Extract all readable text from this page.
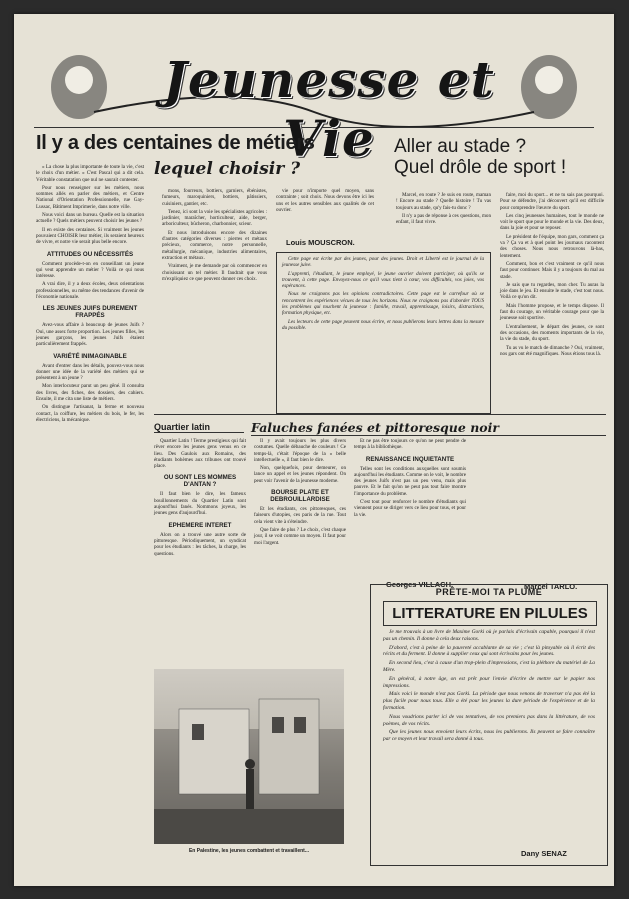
Jeunesse et Vie
Il y a des centaines de métiers
lequel choisir ?

« La chose la plus importante de toute la vie, c'est le choix d'un métier. » C'est Pascal qui a dit cela. Véritable constatation que nul ne saurait contester.

Pour nous renseigner sur les métiers, nous sommes allés en parler des métiers, et Centre National d'Orientation Professionnelle, rue Gay-Lussac, Bâtiment Imprimerie, dans notre ville.

Nous voici dans un bureau. Quelle est la situation actuelle ? Quels métiers peuvent choisir les jeunes ?

Il en existe des centaines. Si vraiment les jeunes pouvaient CHOISIR leur métier, ils seraient heureux de vivre, et notre vie serait plus belle encore.

ATTITUDES OU NÉCESSITÉS

Comment procède-t-on en conseillant un jeune qui veut apprendre un métier ? Voilà ce qui nous intéresse.

A vrai dire, il y a deux écoles, deux orientations professionnelles, ou même des tendances d'avenir de l'économie nationale.

LES JEUNES JUIFS DUREMENT FRAPPÉS

Avez-vous affaire à beaucoup de jeunes Juifs ? Oui, une assez forte proportion. Les jeunes filles, les jeunes garçons, les jeunes Juifs étaient particulièrement frappés.

VARIÉTÉ INIMAGINABLE

Avant d'entrer dans les détails, pouvez-vous nous donner une idée de la variété des métiers qui se présentent à un jeune ?

Mon interlocuteur parut un peu gêné. Il consulta des livres, des fiches, des dossiers, des cahiers. Ensuite, il me cita une liste de métiers.

On distingue l'artisanat, la ferme et nouveau contact, la coiffure, les métiers du bois, le fer, les électriciens, la mécanique.

mons, fourreurs, bottiers, garniers, ébénistes, fumeurs, maroquiniers, bottiers, pâtissiers, cuisiniers, gantier, etc.

Tenez, ici sont la voie les spécialistes agricoles : jardinier, maraîcher, horticulteur, aide, berger, arboriculteur, bûcheron, charbonnier, scieur.

Et nous introduisons encore des dizaines d'autres catégories diverses : pierres et métaux précieux, commerce, notre personnelle, métallurgie, mécanique, industries alimentaires, extraction et métaux.

Vraiment, je me demande par où commencer en choisissant un tel métier. Il faudrait que vous m'expliquiez ce que peuvent donner ces choix.

vie pour n'importe quel moyen, sans contrainte ; soit choix. Nous devons être ici les uns et les autres sensibles aux qualités de cet ouvrier.

Louis MOUSCRON.

Cette page est écrite par des jeunes, pour des jeunes. Droit et Liberté est le journal de la jeunesse juive.

L'apprenti, l'étudiant, le jeune employé, le jeune ouvrier doivent participer, où qu'ils se trouvent, à cette page. Envoyez-nous ce qu'il vous tient à cœur, vos difficultés, vos joies, vos espérances.

Nous ne craignons pas les opinions contradictoires. Cette page est le carrefour où se rencontrent les expériences vécues de tous les horizons. Nous ne craignons pas d'aborder TOUS les problèmes qui touchent la jeunesse : famille, travail, apprentissage, loisirs, distractions, formation physique, etc.

Les lecteurs de cette page peuvent nous écrire, et nous publierons leurs lettres dans la mesure du possible.

Aller au stade ?
Quel drôle de sport !

Marcel, en route ? Je suis en route, maman ! Encore au stade ? Quelle histoire ! Tu vas toujours au stade, qu'y fais-tu donc ?

Il n'y a pas de réponse à ces questions, mon enfant, il faut vivre.

faire, moi du sport... et ne tu sais pas pourquoi. Pour se défendre, j'ai découvert qu'il est difficile pour comprendre l'œuvre du sport.

Les cinq jeunesses humaines, tout le monde ne voit le sport que pour le monde et la vie. Des deux, dans la joie et pour se reposer.

Le président de l'équipe, mon gars, comment ça va ? Ça va et à quel point les journaux racontent des choses. Nous nous retrouvons là-bas, lentement.

Comment, bon et c'est vraiment ce qu'il nous faut pour continuer. Mais il y a toujours du mal au stade.

Je sais que tu regardes, mon cher. Tu auras la joie dans le jeu. Et ensuite le stade, c'est tout nous. Voilà ce qu'on dit.

Mais l'homme propose, et le temps dispose. Il faut du courage, un véritable courage pour que la jeunesse soit sportive.

L'entraînement, le départ des jeunes, ce sont des occasions, des moments importants de la vie, la vie du stade, du sport.

Tu as vu le match de dimanche ? Oui, vraiment, nos gars ont été magnifiques. Nous étions tous là.

Marcel TARLO.
Quartier latin	Faluches fanées et pittoresque noir

Quartier Latin ! Terme prestigieux qui fait rêver encore les jeunes gens venus en ce lieu. Des Gaulois aux Romains, des étudiants bohèmes aux tribunes ont trouvé place.

OU SONT LES MOMMES D'ANTAN ?

Il faut bien le dire, les fameux bouillonnements du Quartier Latin sont aujourd'hui fanés. Nommons joyeux, les jeunes gens d'aujourd'hui.

EPHEMERE INTERET

Alors on a trouvé une autre sorte de pittoresque. Périodiquement, un syndicat pour les étudiants : les tâches, la charge, les questions.

Il y avait toujours les plus divers costumes. Quelle débauche de couleurs ! Ce temps-là, c'était l'époque de la « belle intellectuelle », il faut bien le dire.

Non, quelquefois, pour demeurer, on lance un appel et les jeunes répondent. On peut voir l'avenir de la jeunesse moderne.

BOURSE PLATE ET DEBROUILLARDISE

Et les étudiants, ces pittoresques, ces faiseurs d'utopies, ces paris de la rue. Tout cela vient vite à s'éteindre.

Que faire de plus ? Le choix, c'est chaque jour, il se voit comme un moyen. Il faut pour moi l'argent.

Et ne pas être toujours ce qu'on ne peut pendre de temps à la bibliothèque.

RENAISSANCE INQUIETANTE

Telles sont les conditions auxquelles sont soumis aujourd'hui les étudiants. Comme on le voit, le nombre des jeunes Juifs n'est pas un peu venu, mais plus pauvre. Et le fait qu'on ne peut pas tout faire montre l'importance du problème.

C'est tout pour renforcer le nombre d'étudiants qui viennent pour se diriger vers ce lieu pour tous, et pour la vie.

Georges VILLACH.
En Palestine, les jeunes combattent et travaillent...
PRÊTE-MOI TA PLUME
LITTERATURE EN PILULES

Je me trouvais à un livre de Maxime Gorki où je parlais d'écrivain capable, pourquoi il n'est pas un chemin. Il donne à cela deux raisons.

D'abord, c'est à peine de la pauvreté accablante de sa vie ; c'est là pitoyable où il écrit des récits et du ferment. Il donne à supplier ceux qui sont écrivains pour les jeunes.

En second lieu, c'est à cause d'un trop-plein d'impressions, c'est la pléthore du matériel de La Mère.

En général, à notre âge, on est prêt pour l'envie d'écrire de mettre sur le papier nos impressions.

Mais voici le monde n'est pas Gorki. La période que nous venons de traverser n'a pas été la plus facile pour nous tous. Elle a été pour les jeunes la dure période de l'expérience et de la formation.

Nous voudrions parler ici de vos tentatives, de vos premiers pas dans la littérature, de vos poèmes, de vos récits.

Que les jeunes nous envoient leurs écrits, nous les publierons. Ils peuvent se faire connaître par ce moyen et leur travail sera donné à tous.

Dany SENAZ
